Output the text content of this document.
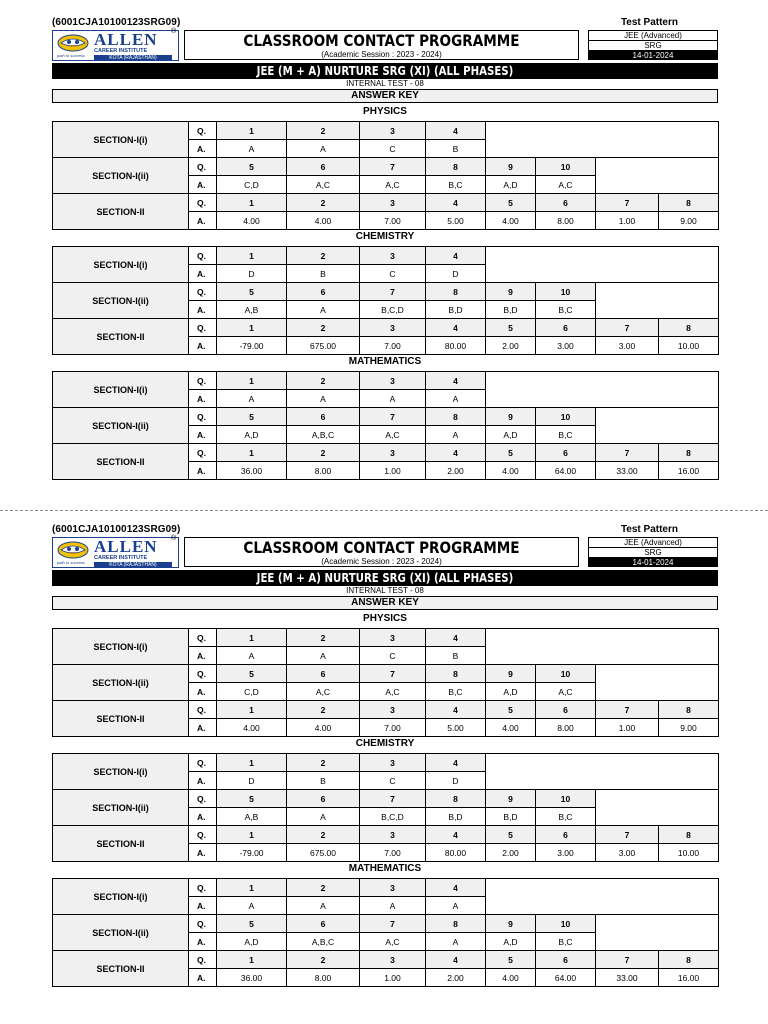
(6001CJA10100123SRG09)	Test Pattern
path to success
ALLEN
CAREER INSTITUTE
KOTA (RAJASTHAN)
®	CLASSROOM CONTACT PROGRAMME
(Academic Session : 2023 - 2024)
JEE (Advanced)
SRG
14-01-2024
JEE (M + A) NURTURE SRG (XI) (ALL PHASES)
INTERNAL TEST - 08
ANSWER KEY
PHYSICS
SECTION-I(i)	Q.	1	2	3	4				
	A.	A	A	C	B				
SECTION-I(ii)	Q.	5	6	7	8	9	10		
	A.	C,D	A,C	A,C	B,C	A,D	A,C		
SECTION-II	Q.	1	2	3	4	5	6	7	8
	A.	4.00	4.00	7.00	5.00	4.00	8.00	1.00	9.00
CHEMISTRY
SECTION-I(i)	Q.	1	2	3	4				
	A.	D	B	C	D				
SECTION-I(ii)	Q.	5	6	7	8	9	10		
	A.	A,B	A	B,C,D	B,D	B,D	B,C		
SECTION-II	Q.	1	2	3	4	5	6	7	8
	A.	-79.00	675.00	7.00	80.00	2.00	3.00	3.00	10.00
MATHEMATICS
SECTION-I(i)	Q.	1	2	3	4				
	A.	A	A	A	A				
SECTION-I(ii)	Q.	5	6	7	8	9	10		
	A.	A,D	A,B,C	A,C	A	A,D	B,C		
SECTION-II	Q.	1	2	3	4	5	6	7	8
	A.	36.00	8.00	1.00	2.00	4.00	64.00	33.00	16.00
(6001CJA10100123SRG09)	Test Pattern
path to success
ALLEN
CAREER INSTITUTE
KOTA (RAJASTHAN)
®	CLASSROOM CONTACT PROGRAMME
(Academic Session : 2023 - 2024)
JEE (Advanced)
SRG
14-01-2024
JEE (M + A) NURTURE SRG (XI) (ALL PHASES)
INTERNAL TEST - 08
ANSWER KEY
PHYSICS
SECTION-I(i)	Q.	1	2	3	4				
	A.	A	A	C	B				
SECTION-I(ii)	Q.	5	6	7	8	9	10		
	A.	C,D	A,C	A,C	B,C	A,D	A,C		
SECTION-II	Q.	1	2	3	4	5	6	7	8
	A.	4.00	4.00	7.00	5.00	4.00	8.00	1.00	9.00
CHEMISTRY
SECTION-I(i)	Q.	1	2	3	4				
	A.	D	B	C	D				
SECTION-I(ii)	Q.	5	6	7	8	9	10		
	A.	A,B	A	B,C,D	B,D	B,D	B,C		
SECTION-II	Q.	1	2	3	4	5	6	7	8
	A.	-79.00	675.00	7.00	80.00	2.00	3.00	3.00	10.00
MATHEMATICS
SECTION-I(i)	Q.	1	2	3	4				
	A.	A	A	A	A				
SECTION-I(ii)	Q.	5	6	7	8	9	10		
	A.	A,D	A,B,C	A,C	A	A,D	B,C		
SECTION-II	Q.	1	2	3	4	5	6	7	8
	A.	36.00	8.00	1.00	2.00	4.00	64.00	33.00	16.00
